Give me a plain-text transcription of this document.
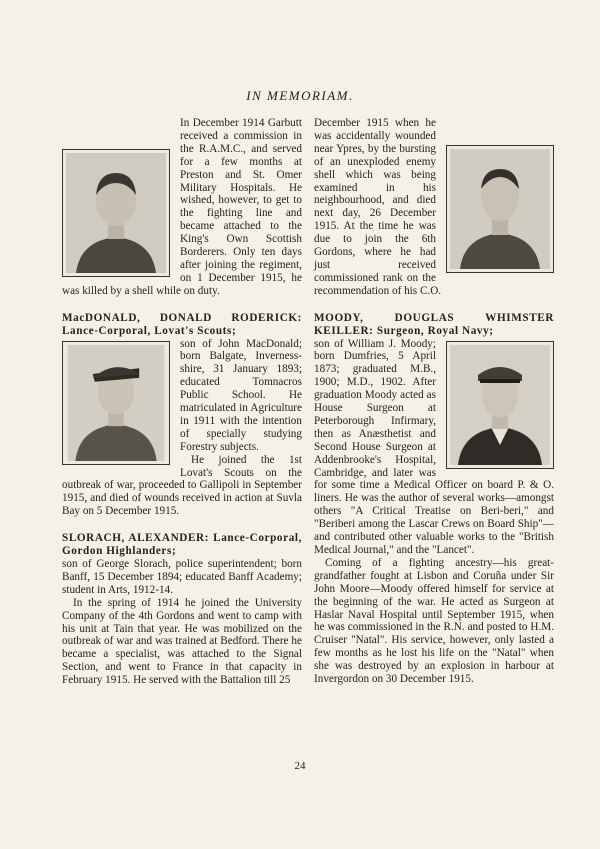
IN MEMORIAM.

In December 1914 Garbutt received a commission in the R.A.M.C., and served for a few months at Preston and St. Omer Military Hospitals. He wished, however, to get to the fighting line and became attached to the King's Own Scottish Borderers. Only ten days after joining the regiment, on 1 December 1915, he was killed by a shell while on duty.

MacDONALD, DONALD RODERICK: Lance-Corporal, Lovat's Scouts;

son of John MacDonald; born Balgate, Inverness-shire, 31 January 1893; educated Tomnacros Public School. He matriculated in Agriculture in 1911 with the intention of specially studying Forestry subjects.

He joined the 1st Lovat's Scouts on the outbreak of war, proceeded to Gallipoli in September 1915, and died of wounds received in action at Suvla Bay on 5 December 1915.

SLORACH, ALEXANDER: Lance-Corporal, Gordon Highlanders;

son of George Slorach, police superintendent; born Banff, 15 December 1894; educated Banff Academy; student in Arts, 1912-14.

In the spring of 1914 he joined the University Company of the 4th Gordons and went to camp with his unit at Tain that year. He was mobilized on the outbreak of war and was trained at Bedford. There he became a specialist, was attached to the Signal Section, and went to France in that capacity in February 1915. He served with the Battalion till 25

December 1915 when he was accidentally wounded near Ypres, by the bursting of an unexploded enemy shell which was being examined in his neighbourhood, and died next day, 26 December 1915. At the time he was due to join the 6th Gordons, where he had just received commissioned rank on the recommendation of his C.O.

MOODY, DOUGLAS WHIMSTER KEILLER: Surgeon, Royal Navy;

son of William J. Moody; born Dumfries, 5 April 1873; graduated M.B., 1900; M.D., 1902. After graduation Moody acted as House Surgeon at Peterborough Infirmary, then as Anæsthetist and Second House Surgeon at Addenbrooke's Hospital, Cambridge, and later was for some time a Medical Officer on board P. & O. liners. He was the author of several works—amongst others "A Critical Treatise on Beri-beri," and "Beriberi among the Lascar Crews on Board Ship"—and contributed other valuable works to the "British Medical Journal," and the "Lancet".

Coming of a fighting ancestry—his great-grandfather fought at Lisbon and Coruña under Sir John Moore—Moody offered himself for service at the beginning of the war. He acted as Surgeon at Haslar Naval Hospital until September 1915, when he was commissioned in the R.N. and posted to H.M. Cruiser "Natal". His service, however, only lasted a few months as he lost his life on the "Natal" when she was destroyed by an explosion in harbour at Invergordon on 30 December 1915.

24
